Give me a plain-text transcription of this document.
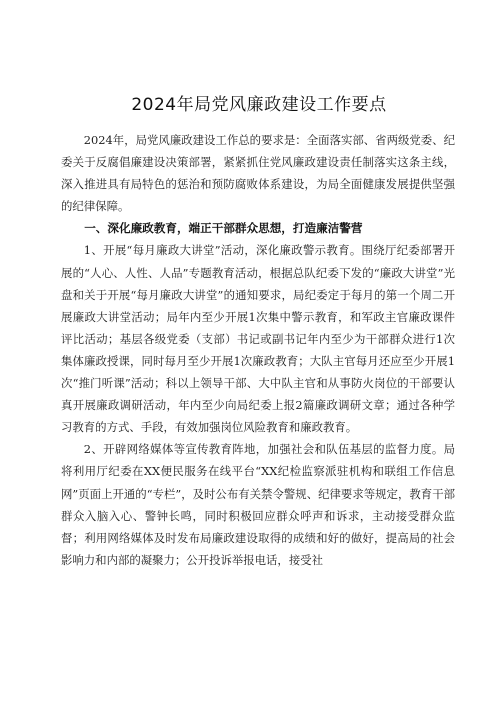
2024年局党风廉政建设工作要点

2024年，局党风廉政建设工作总的要求是：全面落实部、省两级党委、纪委关于反腐倡廉建设决策部署，紧紧抓住党风廉政建设责任制落实这条主线，深入推进具有局特色的惩治和预防腐败体系建设，为局全面健康发展提供坚强的纪律保障。

一、深化廉政教育，端正干部群众思想，打造廉洁警营

1、开展“每月廉政大讲堂”活动，深化廉政警示教育。围绕厅纪委部署开展的“人心、人性、人品”专题教育活动，根据总队纪委下发的“廉政大讲堂”光盘和关于开展“每月廉政大讲堂”的通知要求，局纪委定于每月的第一个周二开展廉政大讲堂活动；局年内至少开展1次集中警示教育，和军政主官廉政课件评比活动；基层各级党委（支部）书记或副书记年内至少为干部群众进行1次集体廉政授课，同时每月至少开展1次廉政教育；大队主官每月还应至少开展1次“推门听课”活动；科以上领导干部、大中队主官和从事防火岗位的干部要认真开展廉政调研活动，年内至少向局纪委上报2篇廉政调研文章；通过各种学习教育的方式、手段，有效加强岗位风险教育和廉政教育。

2、开辟网络媒体等宣传教育阵地，加强社会和队伍基层的监督力度。局将利用厅纪委在XX便民服务在线平台“XX纪检监察派驻机构和联组工作信息网”页面上开通的“专栏”，及时公布有关禁令警规、纪律要求等规定，教育干部群众入脑入心、警钟长鸣，同时积极回应群众呼声和诉求，主动接受群众监督；利用网络媒体及时发布局廉政建设取得的成绩和好的做好，提高局的社会影响力和内部的凝聚力；公开投诉举报电话，接受社
